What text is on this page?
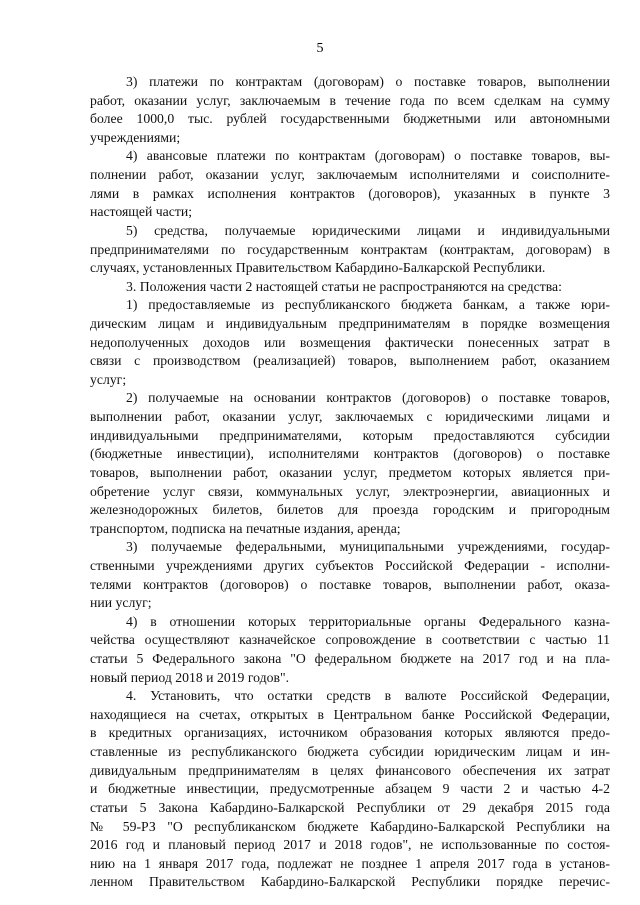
5

3) платежи по контрактам (договорам) о поставке товаров, выполнении

работ, оказании услуг, заключаемым в течение года по всем сделкам на сумму

более 1000,0 тыс. рублей государственными бюджетными или автономными

учреждениями;

4) авансовые платежи по контрактам (договорам) о поставке товаров, вы-

полнении работ, оказании услуг, заключаемым исполнителями и соисполните-

лями в рамках исполнения контрактов (договоров), указанных в пункте 3

настоящей части;

5) средства, получаемые юридическими лицами и индивидуальными

предпринимателями по государственным контрактам (контрактам, договорам) в

случаях, установленных Правительством Кабардино-Балкарской Республики.

3. Положения части 2 настоящей статьи не распространяются на средства:

1) предоставляемые из республиканского бюджета банкам, а также юри-

дическим лицам и индивидуальным предпринимателям в порядке возмещения

недополученных доходов или возмещения фактически понесенных затрат в

связи с производством (реализацией) товаров, выполнением работ, оказанием

услуг;

2) получаемые на основании контрактов (договоров) о поставке товаров,

выполнении работ, оказании услуг, заключаемых с юридическими лицами и

индивидуальными предпринимателями, которым предоставляются субсидии

(бюджетные инвестиции), исполнителями контрактов (договоров) о поставке

товаров, выполнении работ, оказании услуг, предметом которых является при-

обретение услуг связи, коммунальных услуг, электроэнергии, авиационных и

железнодорожных билетов, билетов для проезда городским и пригородным

транспортом, подписка на печатные издания, аренда;

3) получаемые федеральными, муниципальными учреждениями, государ-

ственными учреждениями других субъектов Российской Федерации - исполни-

телями контрактов (договоров) о поставке товаров, выполнении работ, оказа-

нии услуг;

4) в отношении которых территориальные органы Федерального казна-

чейства осуществляют казначейское сопровождение в соответствии с частью 11

статьи 5 Федерального закона "О федеральном бюджете на 2017 год и на пла-

новый период 2018 и 2019 годов".

4. Установить, что остатки средств в валюте Российской Федерации,

находящиеся на счетах, открытых в Центральном банке Российской Федерации,

в кредитных организациях, источником образования которых являются предо-

ставленные из республиканского бюджета субсидии юридическим лицам и ин-

дивидуальным предпринимателям в целях финансового обеспечения их затрат

и бюджетные инвестиции, предусмотренные абзацем 9 части 2 и частью 4-2

статьи 5 Закона Кабардино-Балкарской Республики от 29 декабря 2015 года

№ 59-РЗ "О республиканском бюджете Кабардино-Балкарской Республики на

2016 год и плановый период 2017 и 2018 годов", не использованные по состоя-

нию на 1 января 2017 года, подлежат не позднее 1 апреля 2017 года в установ-

ленном Правительством Кабардино-Балкарской Республики порядке перечис-
